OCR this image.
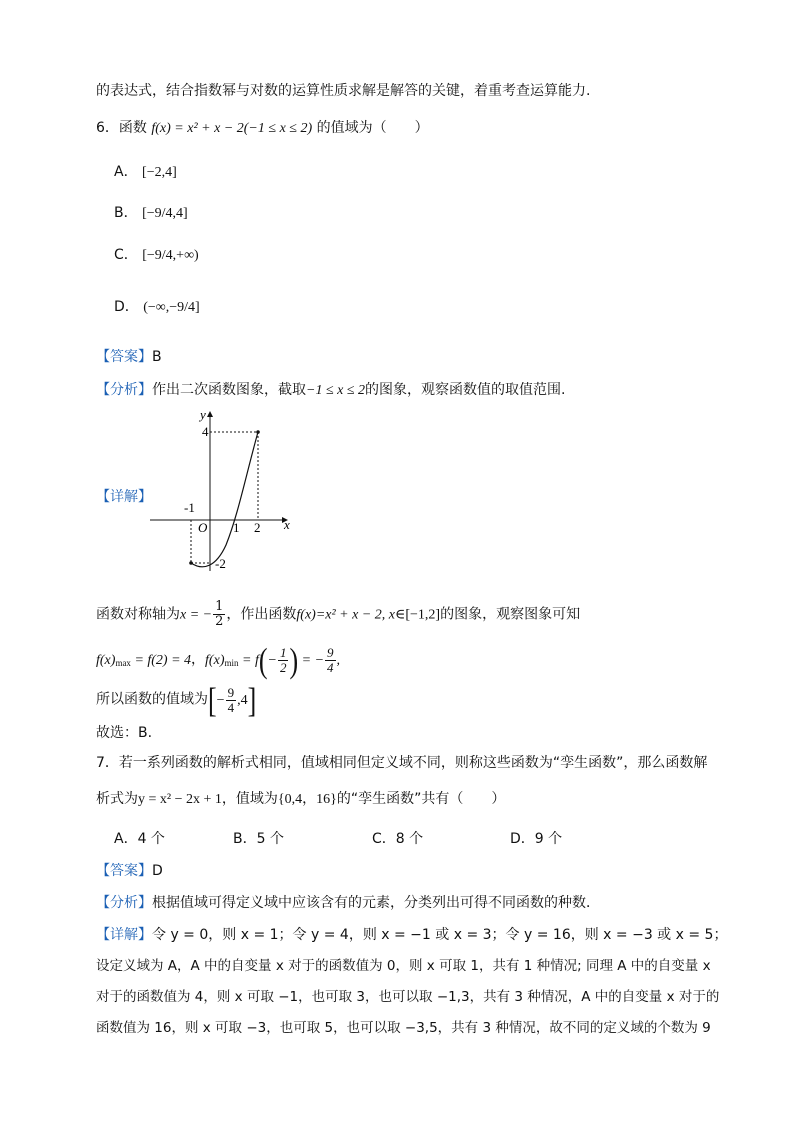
的表达式，结合指数幂与对数的运算性质求解是解答的关键，着重考查运算能力.
6．函数 f(x) = x² + x − 2(−1 ≤ x ≤ 2) 的值域为（　　）
A． [−2,4]
B． [−9/4,4]
C． [−9/4,+∞)
D． (−∞,−9/4]
【答案】B
【分析】作出二次函数图象，截取−1 ≤ x ≤ 2的图象，观察函数值的取值范围.
【详解】
y
x
O
4
-1
1 2
-2
函数对称轴为x = − $\frac{1}{2}$ ，作出函数f(x)=x² + x − 2, x∈[−1,2]的图象，观察图象可知
f(x)max = f(2) = 4，$f(x)\min = f(- \frac{1}{2}$ ) = − $\frac{9}{4}$ ,
所以函数的值域为[− $\frac{9}{4} ,4$]
故选：B.
7．若一系列函数的解析式相同，值域相同但定义域不同，则称这些函数为“孪生函数”，那么函数解
析式为y = x² − 2x + 1，值域为{0,4，16}的“孪生函数”共有（　　）
A．4 个	B．5 个	C．8 个	D．9 个
【答案】D
【分析】根据值域可得定义域中应该含有的元素，分类列出可得不同函数的种数．
【详解】令 y = 0，则 x = 1；令 y = 4，则 x = −1 或 x = 3；令 y = 16，则 x = −3 或 x = 5；
设定义域为 A，A 中的自变量 x 对于的函数值为 0，则 x 可取 1，共有 1 种情况; 同理 A 中的自变量 x
对于的函数值为 4，则 x 可取 −1，也可取 3，也可以取 −1,3，共有 3 种情况，A 中的自变量 x 对于的
函数值为 16，则 x 可取 −3，也可取 5，也可以取 −3,5，共有 3 种情况，故不同的定义域的个数为 9
